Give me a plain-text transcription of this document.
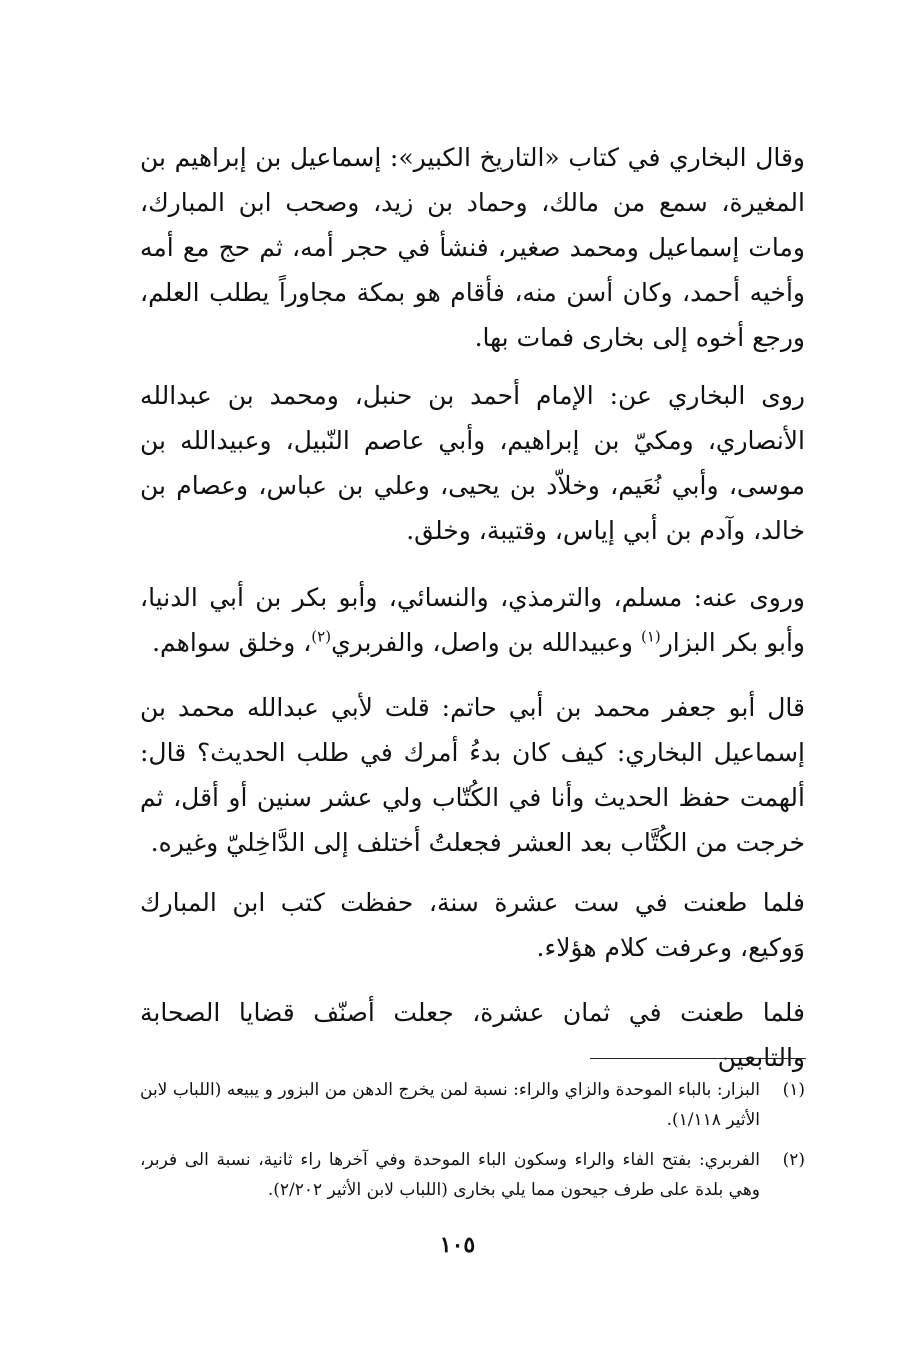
وقال البخاري في كتاب «التاريخ الكبير»: إسماعيل بن إبراهيم بن المغيرة، سمع من مالك، وحماد بن زيد، وصحب ابن المبارك، ومات إسماعيل ومحمد صغير، فنشأ في حجر أمه، ثم حج مع أمه وأخيه أحمد، وكان أسن منه، فأقام هو بمكة مجاوراً يطلب العلم، ورجع أخوه إلى بخارى فمات بها.

روى البخاري عن: الإمام أحمد بن حنبل، ومحمد بن عبدالله الأنصاري، ومكيّ بن إبراهيم، وأبي عاصم النّبيل، وعبيدالله بن موسى، وأبي نُعَيم، وخلاّد بن يحيى، وعلي بن عباس، وعصام بن خالد، وآدم بن أبي إياس، وقتيبة، وخلق.

وروى عنه: مسلم، والترمذي، والنسائي، وأبو بكر بن أبي الدنيا، وأبو بكر البزار$^{(١)}$ وعبيدالله بن واصل، والفربري$^{(٢)}$، وخلق سواهم.

قال أبو جعفر محمد بن أبي حاتم: قلت لأبي عبدالله محمد بن إسماعيل البخاري: كيف كان بدءُ أمرك في طلب الحديث؟ قال: ألهمت حفظ الحديث وأنا في الكُتّاب ولي عشر سنين أو أقل، ثم خرجت من الكُتَّاب بعد العشر فجعلتُ أختلف إلى الدَّاخِليّ وغيره.

فلما طعنت في ست عشرة سنة، حفظت كتب ابن المبارك وَوكيع، وعرفت كلام هؤلاء.

فلما طعنت في ثمان عشرة، جعلت أصنّف قضايا الصحابة والتابعين

(١)
البزار: بالباء الموحدة والزاي والراء: نسبة لمن يخرج الدهن من البزور و يبيعه (اللباب لابن الأثير ١/١١٨).
(٢)
الفربري: بفتح الفاء والراء وسكون الباء الموحدة وفي آخرها راء ثانية، نسبة الى فربر، وهي بلدة على طرف جيحون مما يلي بخارى (اللباب لابن الأثير ٢/٢٠٢).
١٠٥
